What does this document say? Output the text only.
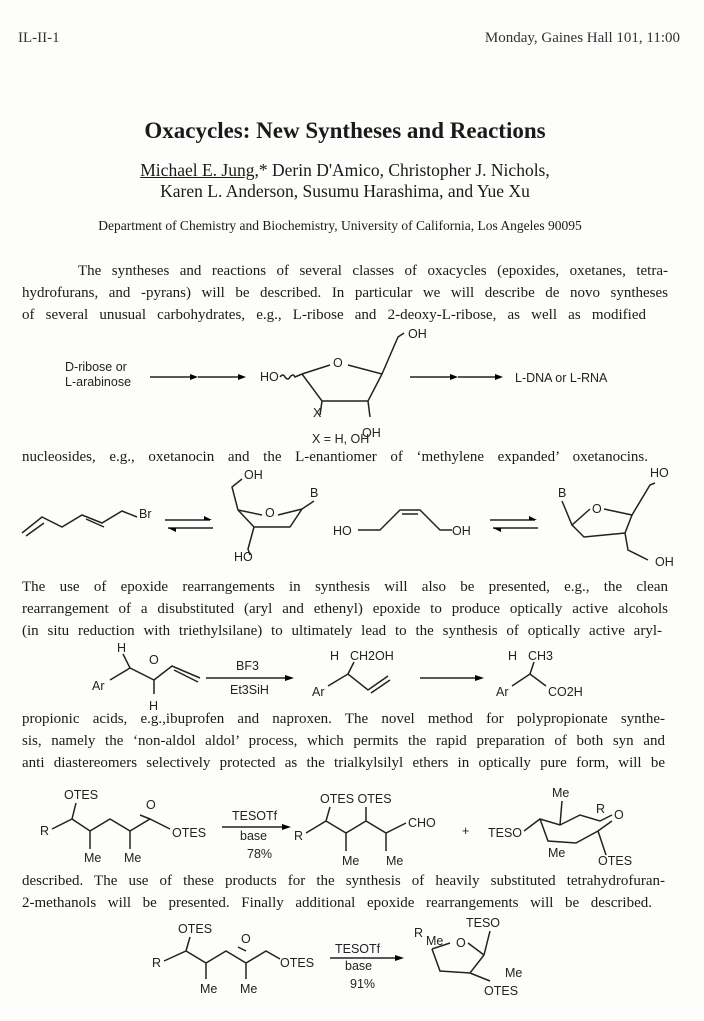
IL-II-1	Monday, Gaines Hall 101, 11:00
Oxacycles: New Syntheses and Reactions
Michael E. Jung,* Derin D'Amico, Christopher J. Nichols,
Karen L. Anderson, Susumu Harashima, and Yue Xu
Department of Chemistry and Biochemistry, University of California, Los Angeles 90095
The syntheses and reactions of several classes of oxacycles (epoxides, oxetanes, tetra-
hydrofurans, and -pyrans) will be described. In particular we will describe de novo syntheses
of several unusual carbohydrates, e.g., L-ribose and 2-deoxy-L-ribose, as well as modified
D-ribose or
L-arabinose	HO
O
OH
X
OH
X = H, OH
L-DNA or L-RNA
nucleosides, e.g., oxetanocin and the L-enantiomer of ‘methylene expanded’ oxetanocins.
Br
OH
B
O
HO
HO	OH
HO
B
O
OH
The use of epoxide rearrangements in synthesis will also be presented, e.g., the clean
rearrangement of a disubstituted (aryl and ethenyl) epoxide to produce optically active alcohols
(in situ reduction with triethylsilane) to ultimately lead to the synthesis of optically active aryl-
H
O
Ar
H
BF3
Et3SiH
H CH2OH
Ar
H CH3
Ar	CO2H
propionic acids, e.g.,ibuprofen and naproxen. The novel method for polypropionate synthe-
sis, namely the ‘non-aldol aldol’ process, which permits the rapid preparation of both syn and
anti diastereomers selectively protected as the trialkylsilyl ethers in optically pure form, will be
OTES
O
R	OTES
Me Me
TESOTf
base
78%
OTES OTES
R
CHO
Me Me
+ TESO
Me
R O
Me
OTES
described. The use of these products for the synthesis of heavily substituted tetrahydrofuran-
2-methanols will be presented. Finally additional epoxide rearrangements will be described.
OTES
O
R	OTES
Me Me
TESOTf
base
91%
TESO
R
Me O
Me
OTES
